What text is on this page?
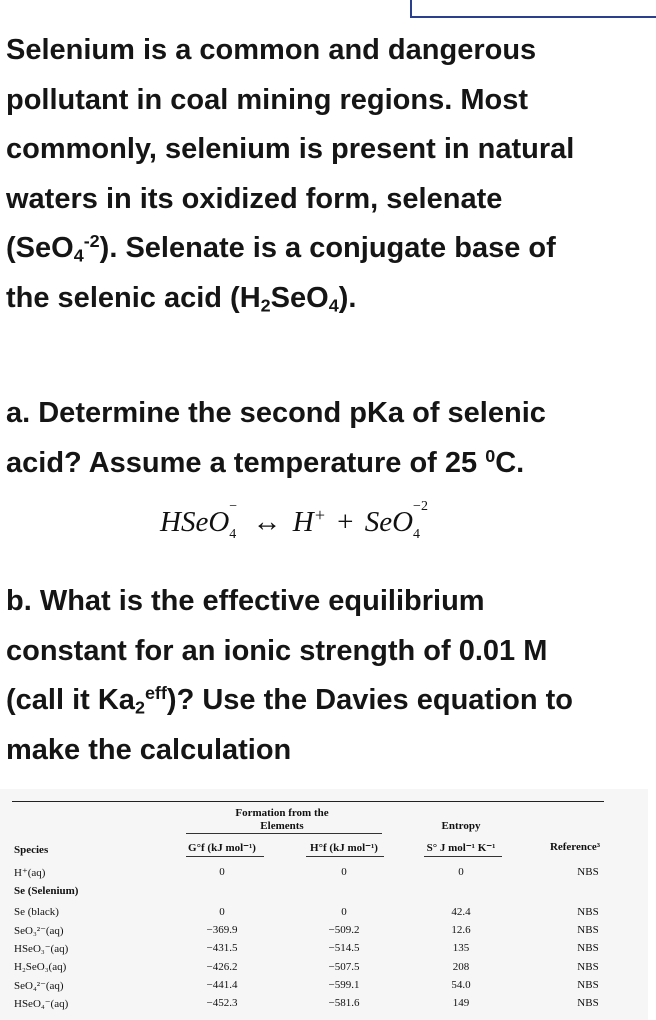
Selenium is a common and dangerous
pollutant in coal mining regions. Most
commonly, selenium is present in natural
waters in its oxidized form, selenate
(SeO$_4^{-2}$). Selenate is a conjugate base of
the selenic acid $(H_2SeO_4)$.
a. Determine the second pKa of selenic
acid? Assume a temperature of 25 $^0$C.
HSeO −
4 ↔ H+ + SeO −2
4
b. What is the effective equilibrium
constant for an ionic strength of 0.01 M
(call it $Ka_2^{eff}$)? Use the Davies equation to
make the calculation
Formation from the
Elements	Entropy
Species	G°f (kJ mol⁻¹)	H°f (kJ mol⁻¹)	S° J mol⁻¹ K⁻¹	Reference³
H⁺(aq)	0	0	0	NBS
Se (Selenium)
Se (black)	0	0	42.4	NBS
SeO₃²⁻(aq)	−369.9	−509.2	12.6	NBS
HSeO₃⁻(aq)	−431.5	−514.5	135	NBS
H₂SeO₃(aq)	−426.2	−507.5	208	NBS
SeO₄²⁻(aq)	−441.4	−599.1	54.0	NBS
HSeO₄⁻(aq)	−452.3	−581.6	149	NBS
